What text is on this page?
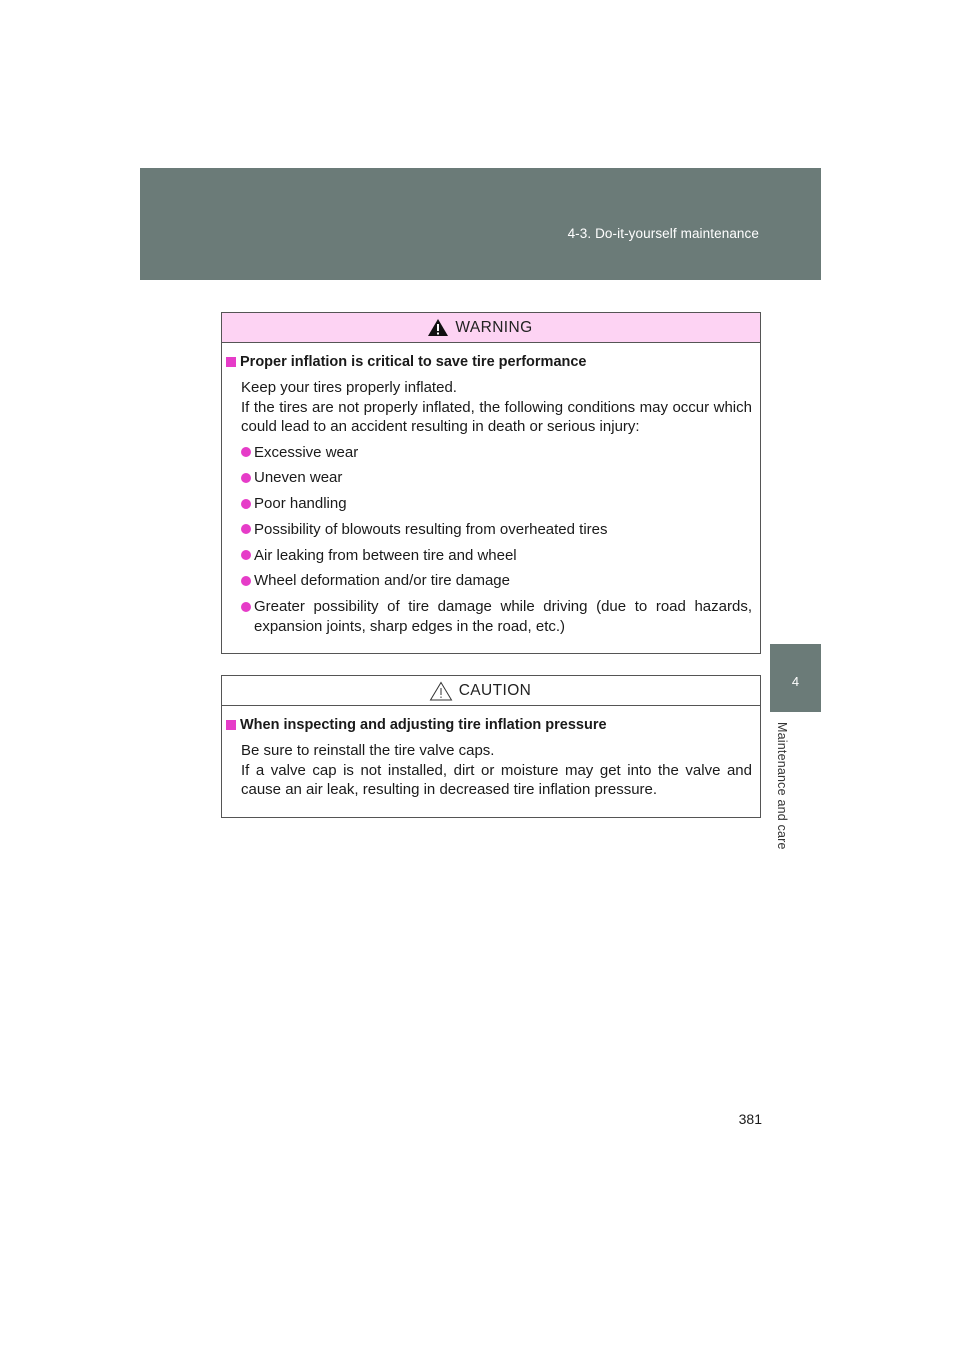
4-3. Do-it-yourself maintenance
4
Maintenance and care
WARNING
Proper inflation is critical to save tire performance

Keep your tires properly inflated.

If the tires are not properly inflated, the following conditions may occur which could lead to an accident resulting in death or serious injury:

Excessive wear
Uneven wear
Poor handling
Possibility of blowouts resulting from overheated tires
Air leaking from between tire and wheel
Wheel deformation and/or tire damage
Greater possibility of tire damage while driving (due to road hazards, expansion joints, sharp edges in the road, etc.)
CAUTION
When inspecting and adjusting tire inflation pressure

Be sure to reinstall the tire valve caps.

If a valve cap is not installed, dirt or moisture may get into the valve and cause an air leak, resulting in decreased tire inflation pressure.

381
